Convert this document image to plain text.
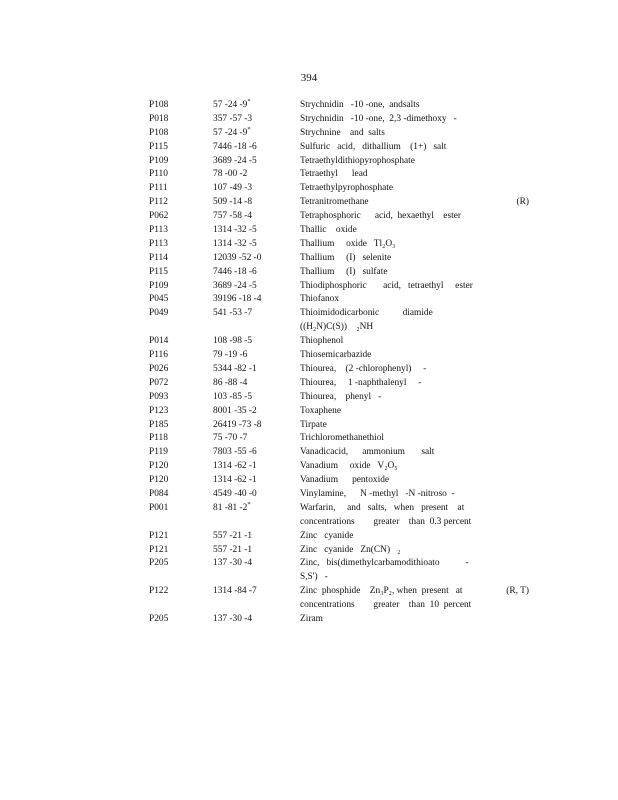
394
P108	57 -24 -9*	Strychnidin   -10 -one,  andsalts
P018	357 -57 -3	Strychnidin   -10 -one,  2,3 -dimethoxy   -
P108	57 -24 -9*	Strychnine    and  salts
P115	7446 -18 -6	Sulfuric   acid,   dithallium    (1+)   salt
P109	3689 -24 -5	Tetraethyldithiopyrophosphate
P110	78 -00 -2	Tetraethyl      lead
P111	107 -49 -3	Tetraethylpyrophosphate
P112	509 -14 -8	Tetranitromethane	(R)
P062	757 -58 -4	Tetraphosphoric      acid,  hexaethyl    ester
P113	1314 -32 -5	Thallic    oxide
P113	1314 -32 -5	Thallium     oxide   Tl₂O₃
P114	12039 -52 -0	Thallium     (I)   selenite
P115	7446 -18 -6	Thallium     (I)   sulfate
P109	3689 -24 -5	Thiodiphosphoric       acid,   tetraethyl     ester
P045	39196 -18 -4	Thiofanox
P049	541 -53 -7	Thioimidodicarbonic          diamide
((H₂N)C(S))    ₂NH
P014	108 -98 -5	Thiophenol
P116	79 -19 -6	Thiosemicarbazide
P026	5344 -82 -1	Thiourea,    (2 -chlorophenyl)     -
P072	86 -88 -4	Thiourea,     1 -naphthalenyl     -
P093	103 -85 -5	Thiourea,    phenyl   -
P123	8001 -35 -2	Toxaphene
P185	26419 -73 -8	Tirpate
P118	75 -70 -7	Trichloromethanethiol
P119	7803 -55 -6	Vanadicacid,      ammonium       salt
P120	1314 -62 -1	Vanadium     oxide   V₂O₅
P120	1314 -62 -1	Vanadium      pentoxide
P084	4549 -40 -0	Vinylamine,      N -methyl   -N -nitroso  -
P001	81 -81 -2*	Warfarin,     and   salts,   when   present    at
concentrations        greater    than  0.3 percent
P121	557 -21 -1	Zinc   cyanide
P121	557 -21 -1	Zinc   cyanide   Zn(CN)   ₂
P205	137 -30 -4	Zinc,   bis(dimethylcarbamodithioato           -
S,S')   -
P122	1314 -84 -7	Zinc  phosphide    Zn₃P₂, when  present   at
concentrations        greater    than  10  percent
(R, T)
P205	137 -30 -4	Ziram
